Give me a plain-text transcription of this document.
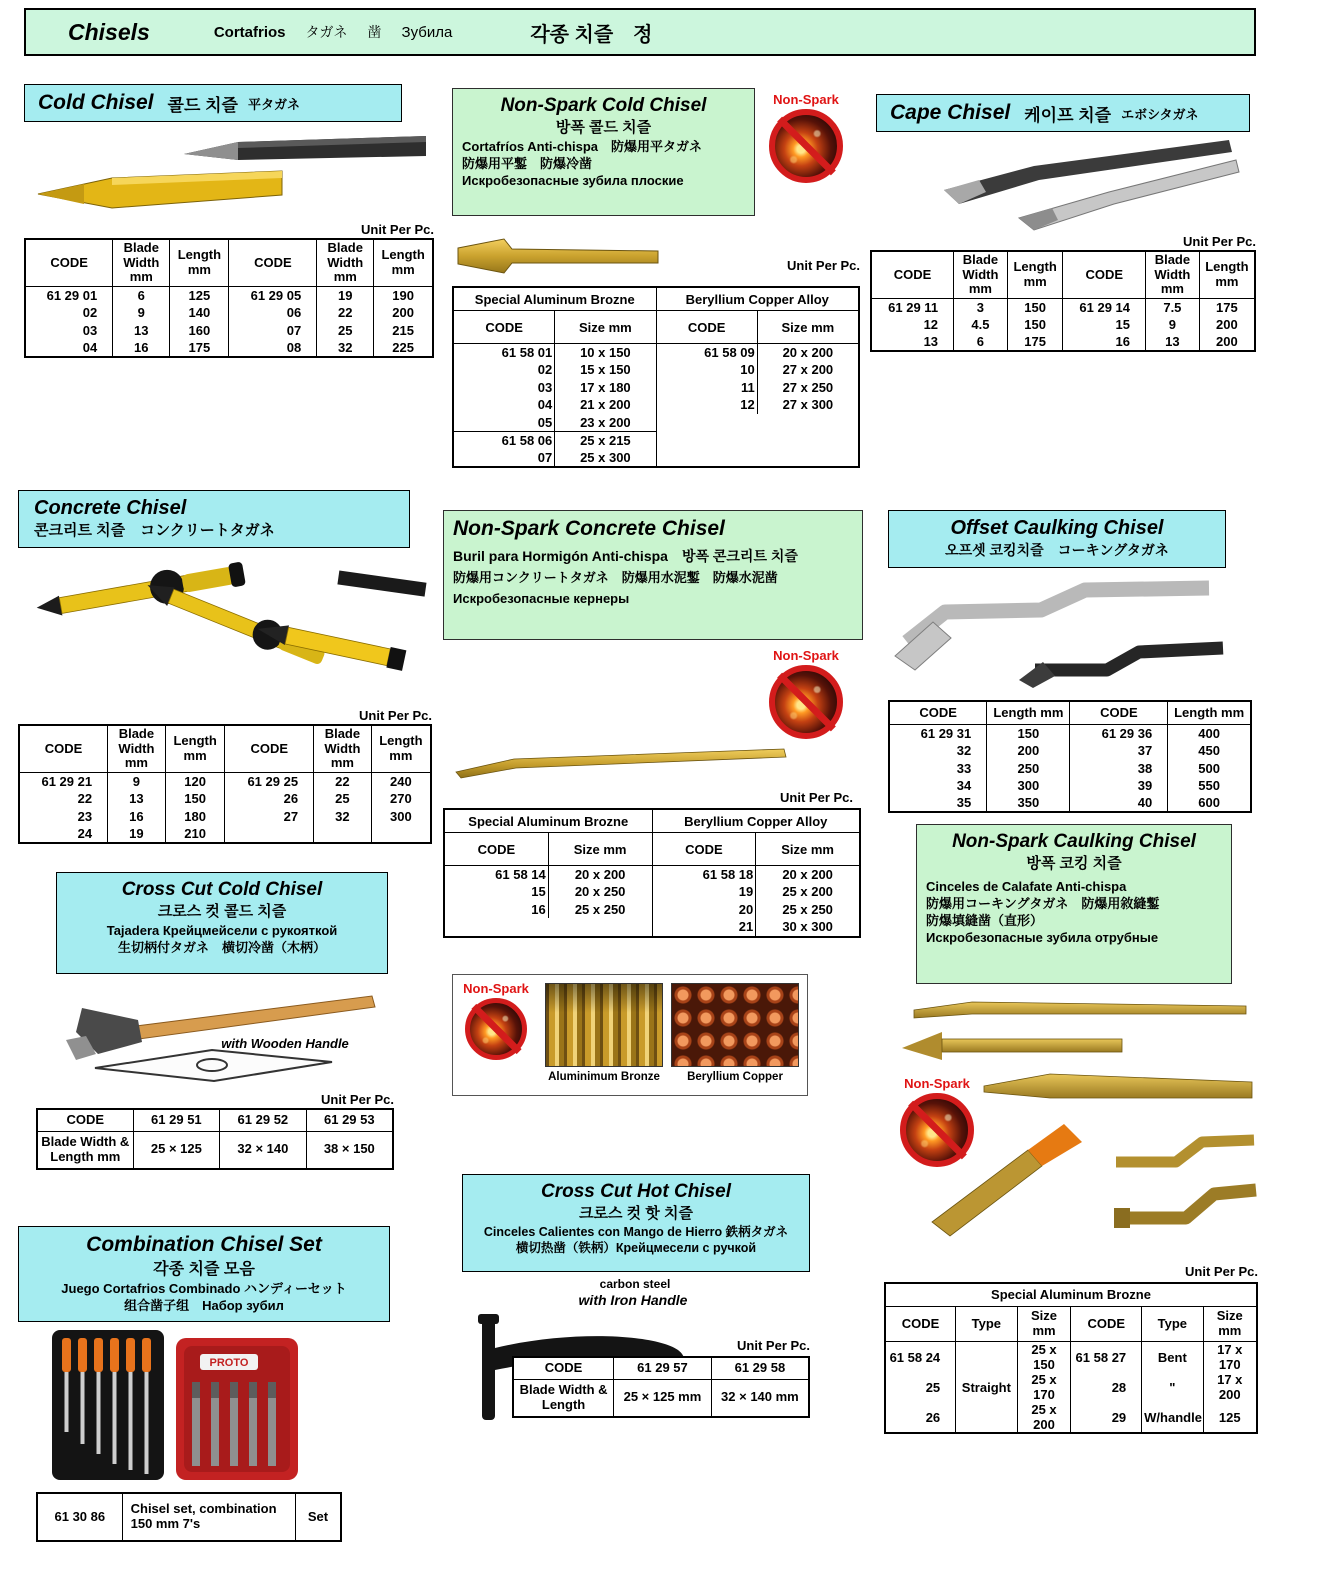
Chisels	Cortafrios タガネ 凿 Зубила	각종 치즐　정
Cold Chisel 콜드 치즐 平タガネ
Unit Per Pc.
CODE	Blade Width mm	Length mm	CODE	Blade Width mm	Length mm
61 29 01	6	125	61 29 05	19	190
02	9	140	06	22	200
03	13	160	07	25	215
04	16	175	08	32	225
Non-Spark Cold Chisel
방폭 콜드 치즐
Cortafríos Anti-chispa　防爆用平タガネ
防爆用平鏨　防爆冷凿
Искробезопасные зубила плоские
Non-Spark
Unit Per Pc.
Special Aluminum Brozne	
CODE	Size mm
61 58 01	10 x 150
02	15 x 150
03	17 x 180
04	21 x 200
05	23 x 200
61 58 06	25 x 215
07	25 x 300
Beryllium Copper Alloy	
CODE	Size mm
61 58 09	20 x 200
10	27 x 200
11	27 x 250
12	27 x 300
Cape Chisel 케이프 치즐 エボシタガネ
Unit Per Pc.
CODE	Blade Width mm	Length mm	CODE	Blade Width mm	Length mm
61 29 11	3	150	61 29 14	7.5	175
12	4.5	150	15	9	200
13	6	175	16	13	200
Concrete Chisel
콘크리트 치즐　コンクリートタガネ
Unit Per Pc.
CODE	Blade Width mm	Length mm	CODE	Blade Width mm	Length mm
61 29 21	9	120	61 29 25	22	240
22	13	150	26	25	270
23	16	180	27	32	300
24	19	210			
Non-Spark Concrete Chisel
Buril para Hormigón Anti-chispa　방폭 콘크리트 치즐
防爆用コンクリートタガネ　防爆用水泥鏨　防爆水泥凿
Искробезопасные кернеры
Non-Spark
Unit Per Pc.
Special Aluminum Brozne	
CODE	Size mm
61 58 14	20 x 200
15	20 x 250
16	25 x 250
Beryllium Copper Alloy	
CODE	Size mm
61 58 18	20 x 200
19	25 x 200
20	25 x 250
21	30 x 300
Offset Caulking Chisel
오프셋 코킹치즐　コーキングタガネ
CODE	Length mm	CODE	Length mm
61 29 31	150	61 29 36	400
32	200	37	450
33	250	38	500
34	300	39	550
35	350	40	600
Cross Cut Cold Chisel
크로스 컷 콜드 치즐
Tajadera Крейцмейсели с рукояткой
生切柄付タガネ　横切冷凿（木柄）
with Wooden Handle
Unit Per Pc.
CODE	61 29 51	61 29 52	61 29 53
Blade Width & Length mm	25 × 125	32 × 140	38 × 150
Non-Spark Caulking Chisel
방폭 코킹 치즐
Cinceles de Calafate Anti-chispa
防爆用コーキングタガネ　防爆用敘縫鏨
防爆填縫凿（直形）
Искробезопасные зубила отрубные
Non-Spark
Unit Per Pc.
Special Aluminum Brozne					
CODE	Type	Size mm	CODE	Type	Size mm
61 58 24		25 x 150	61 58 27	Bent	17 x 170
25	Straight	25 x 170	28	"	17 x 200
26		25 x 200	29	W/handle	125
Non-Spark
Aluminimum Bronze	Beryllium Copper
Cross Cut Hot Chisel
크로스 컷 핫 치즐
Cinceles Calientes con Mango de Hierro 鉄柄タガネ
横切热凿（铁柄）Крейцмесели с ручкой
carbon steel
with Iron Handle
Unit Per Pc.
CODE	61 29 57	61 29 58
Blade Width & Length	25 × 125 mm	32 × 140 mm
Combination Chisel Set
각종 치즐 모음
Juego Cortafrios Combinado ハンディーセット
组合凿子组　Набор зубил
PROTO
61 30 86	Chisel set, combination 150 mm 7's	Set
